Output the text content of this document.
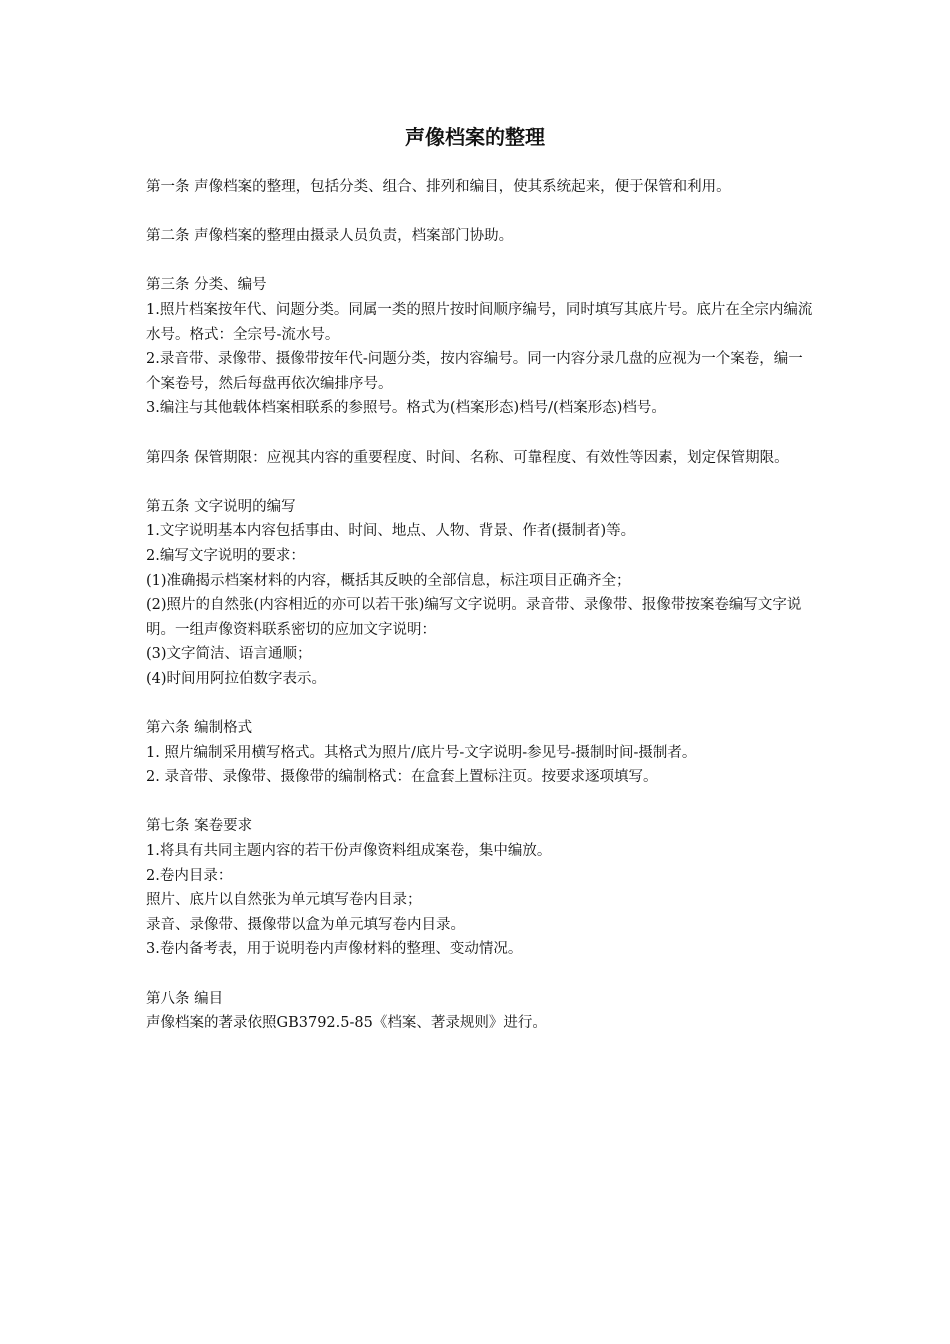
声像档案的整理

第一条 声像档案的整理，包括分类、组合、排列和编目，使其系统起来，便于保管和利用。

第二条 声像档案的整理由摄录人员负责，档案部门协助。

第三条 分类、编号

1.照片档案按年代、问题分类。同属一类的照片按时间顺序编号，同时填写其底片号。底片在全宗内编流水号。格式：全宗号-流水号。

2.录音带、录像带、摄像带按年代-问题分类，按内容编号。同一内容分录几盘的应视为一个案卷，编一个案卷号，然后每盘再依次编排序号。

3.编注与其他载体档案相联系的参照号。格式为(档案形态)档号/(档案形态)档号。

第四条 保管期限：应视其内容的重要程度、时间、名称、可靠程度、有效性等因素，划定保管期限。

第五条 文字说明的编写

1.文字说明基本内容包括事由、时间、地点、人物、背景、作者(摄制者)等。

2.编写文字说明的要求：

(1)准确揭示档案材料的内容，概括其反映的全部信息，标注项目正确齐全；

(2)照片的自然张(内容相近的亦可以若干张)编写文字说明。录音带、录像带、报像带按案卷编写文字说明。一组声像资料联系密切的应加文字说明：

(3)文字简洁、语言通顺；

(4)时间用阿拉伯数字表示。

第六条 编制格式

1. 照片编制采用横写格式。其格式为照片/底片号-文字说明-参见号-摄制时间-摄制者。

2. 录音带、录像带、摄像带的编制格式：在盒套上置标注页。按要求逐项填写。

第七条 案卷要求

1.将具有共同主题内容的若干份声像资料组成案卷，集中编放。

2.卷内目录：

照片、底片以自然张为单元填写卷内目录；

录音、录像带、摄像带以盒为单元填写卷内目录。

3.卷内备考表，用于说明卷内声像材料的整理、变动情况。

第八条 编目

声像档案的著录依照GB3792.5-85《档案、著录规则》进行。
